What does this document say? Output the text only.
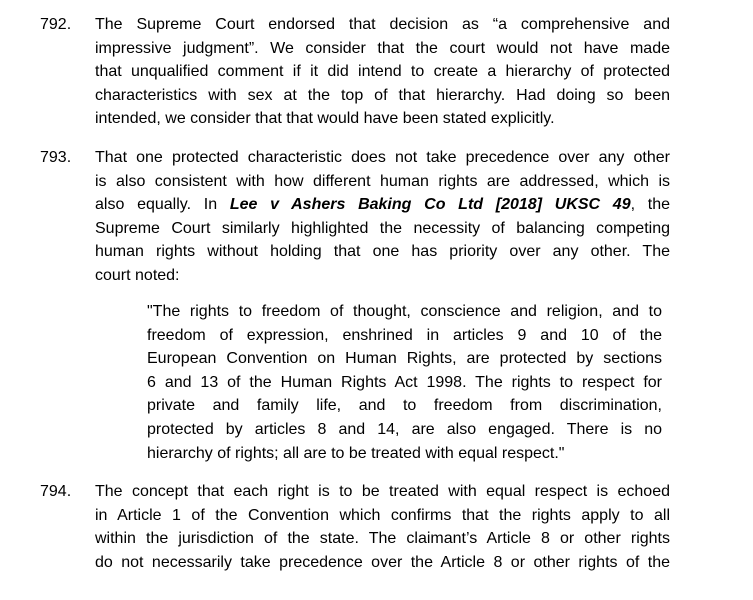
792.	The Supreme Court endorsed that decision as “a comprehensive and
impressive judgment”. We consider that the court would not have made
that unqualified comment if it did intend to create a hierarchy of protected
characteristics with sex at the top of that hierarchy. Had doing so been
intended, we consider that that would have been stated explicitly.
793.	That one protected characteristic does not take precedence over any other
is also consistent with how different human rights are addressed, which is
also equally. In Lee v Ashers Baking Co Ltd [2018] UKSC 49, the
Supreme Court similarly highlighted the necessity of balancing competing
human rights without holding that one has priority over any other. The
court noted:
"The rights to freedom of thought, conscience and religion, and to
freedom of expression, enshrined in articles 9 and 10 of the
European Convention on Human Rights, are protected by sections
6 and 13 of the Human Rights Act 1998. The rights to respect for
private and family life, and to freedom from discrimination,
protected by articles 8 and 14, are also engaged. There is no
hierarchy of rights; all are to be treated with equal respect."
794.	The concept that each right is to be treated with equal respect is echoed
in Article 1 of the Convention which confirms that the rights apply to all
within the jurisdiction of the state. The claimant’s Article 8 or other rights
do not necessarily take precedence over the Article 8 or other rights of the
